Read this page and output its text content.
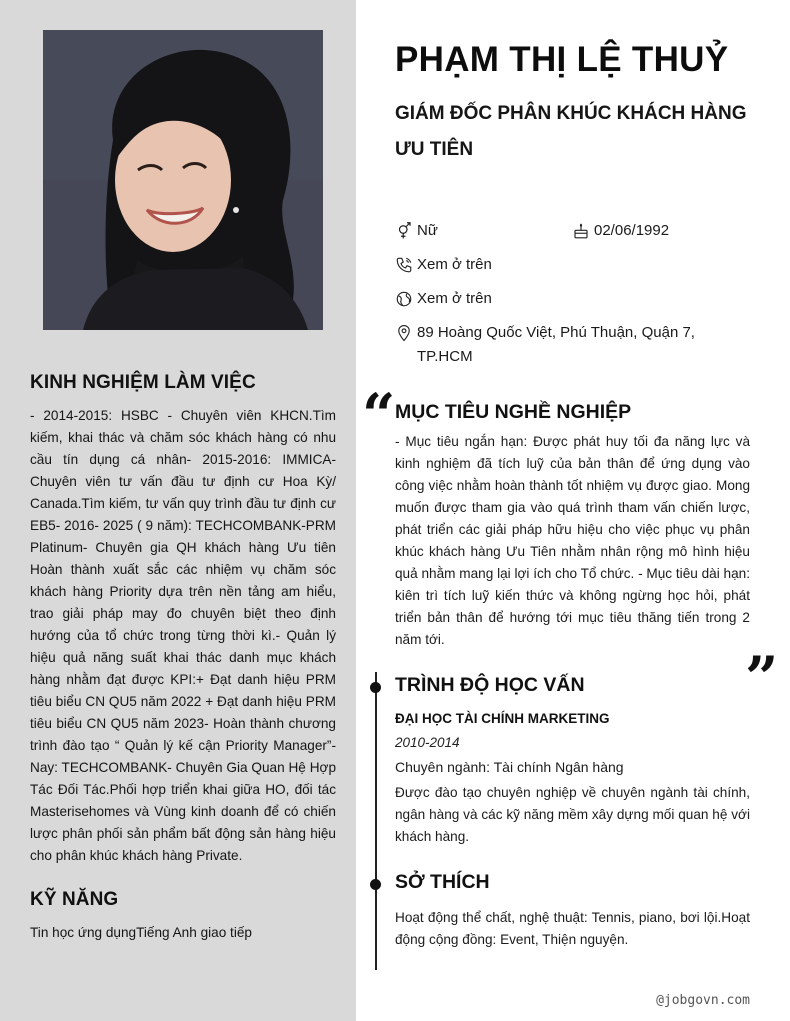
KINH NGHIỆM LÀM VIỆC
- 2014-2015: HSBC - Chuyên viên KHCN.Tìm kiếm, khai thác và chăm sóc khách hàng có nhu cầu tín dụng cá nhân- 2015-2016: IMMICA- Chuyên viên tư vấn đầu tư định cư Hoa Kỳ/ Canada.Tìm kiếm, tư vấn quy trình đầu tư định cư EB5- 2016- 2025 ( 9 năm): TECHCOMBANK-PRM Platinum- Chuyên gia QH khách hàng Ưu tiên Hoàn thành xuất sắc các nhiệm vụ chăm sóc khách hàng Priority dựa trên nền tảng am hiểu, trao giải pháp may đo chuyên biệt theo định hướng của tổ chức trong từng thời kì.- Quản lý hiệu quả năng suất khai thác danh mục khách hàng nhằm đạt được KPI:+ Đạt danh hiệu PRM tiêu biểu CN QU5 năm 2022 + Đạt danh hiệu PRM tiêu biểu CN QU5 năm 2023- Hoàn thành chương trình đào tạo “ Quản lý kế cận Priority Manager”- Nay: TECHCOMBANK- Chuyên Gia Quan Hệ Hợp Tác Đối Tác.Phối hợp triển khai giữa HO, đối tác Masterisehomes và Vùng kinh doanh để có chiến lược phân phối sản phẩm bất động sản hàng hiệu cho phân khúc khách hàng Private.
KỸ NĂNG
Tin học ứng dụngTiếng Anh giao tiếp
PHẠM THỊ LỆ THUỶ
GIÁM ĐỐC PHÂN KHÚC KHÁCH HÀNG ƯU TIÊN
Nữ	02/06/1992
Xem ở trên
Xem ở trên
89 Hoàng Quốc Việt, Phú Thuận, Quận 7, TP.HCM
“ MỤC TIÊU NGHỀ NGHIỆP
- Mục tiêu ngắn hạn: Được phát huy tối đa năng lực và kinh nghiệm đã tích luỹ của bản thân để ứng dụng vào công việc nhằm hoàn thành tốt nhiệm vụ được giao. Mong muốn được tham gia vào quá trình tham vấn chiến lược, phát triển các giải pháp hữu hiệu cho việc phục vụ phân khúc khách hàng Ưu Tiên nhằm nhân rộng mô hình hiệu quả nhằm mang lại lợi ích cho Tổ chức. - Mục tiêu dài hạn: kiên trì tích luỹ kiến thức và không ngừng học hỏi, phát triển bản thân để hướng tới mục tiêu thăng tiến trong 2 năm tới.
”
TRÌNH ĐỘ HỌC VẤN
ĐẠI HỌC TÀI CHÍNH MARKETING
2010-2014
Chuyên ngành: Tài chính Ngân hàng
Được đào tạo chuyên nghiệp về chuyên ngành tài chính, ngân hàng và các kỹ năng mềm xây dựng mối quan hệ với khách hàng.
SỞ THÍCH
Hoạt động thể chất, nghệ thuật: Tennis, piano, bơi lội.Hoạt động cộng đồng: Event, Thiện nguyện.
@jobgovn.com
